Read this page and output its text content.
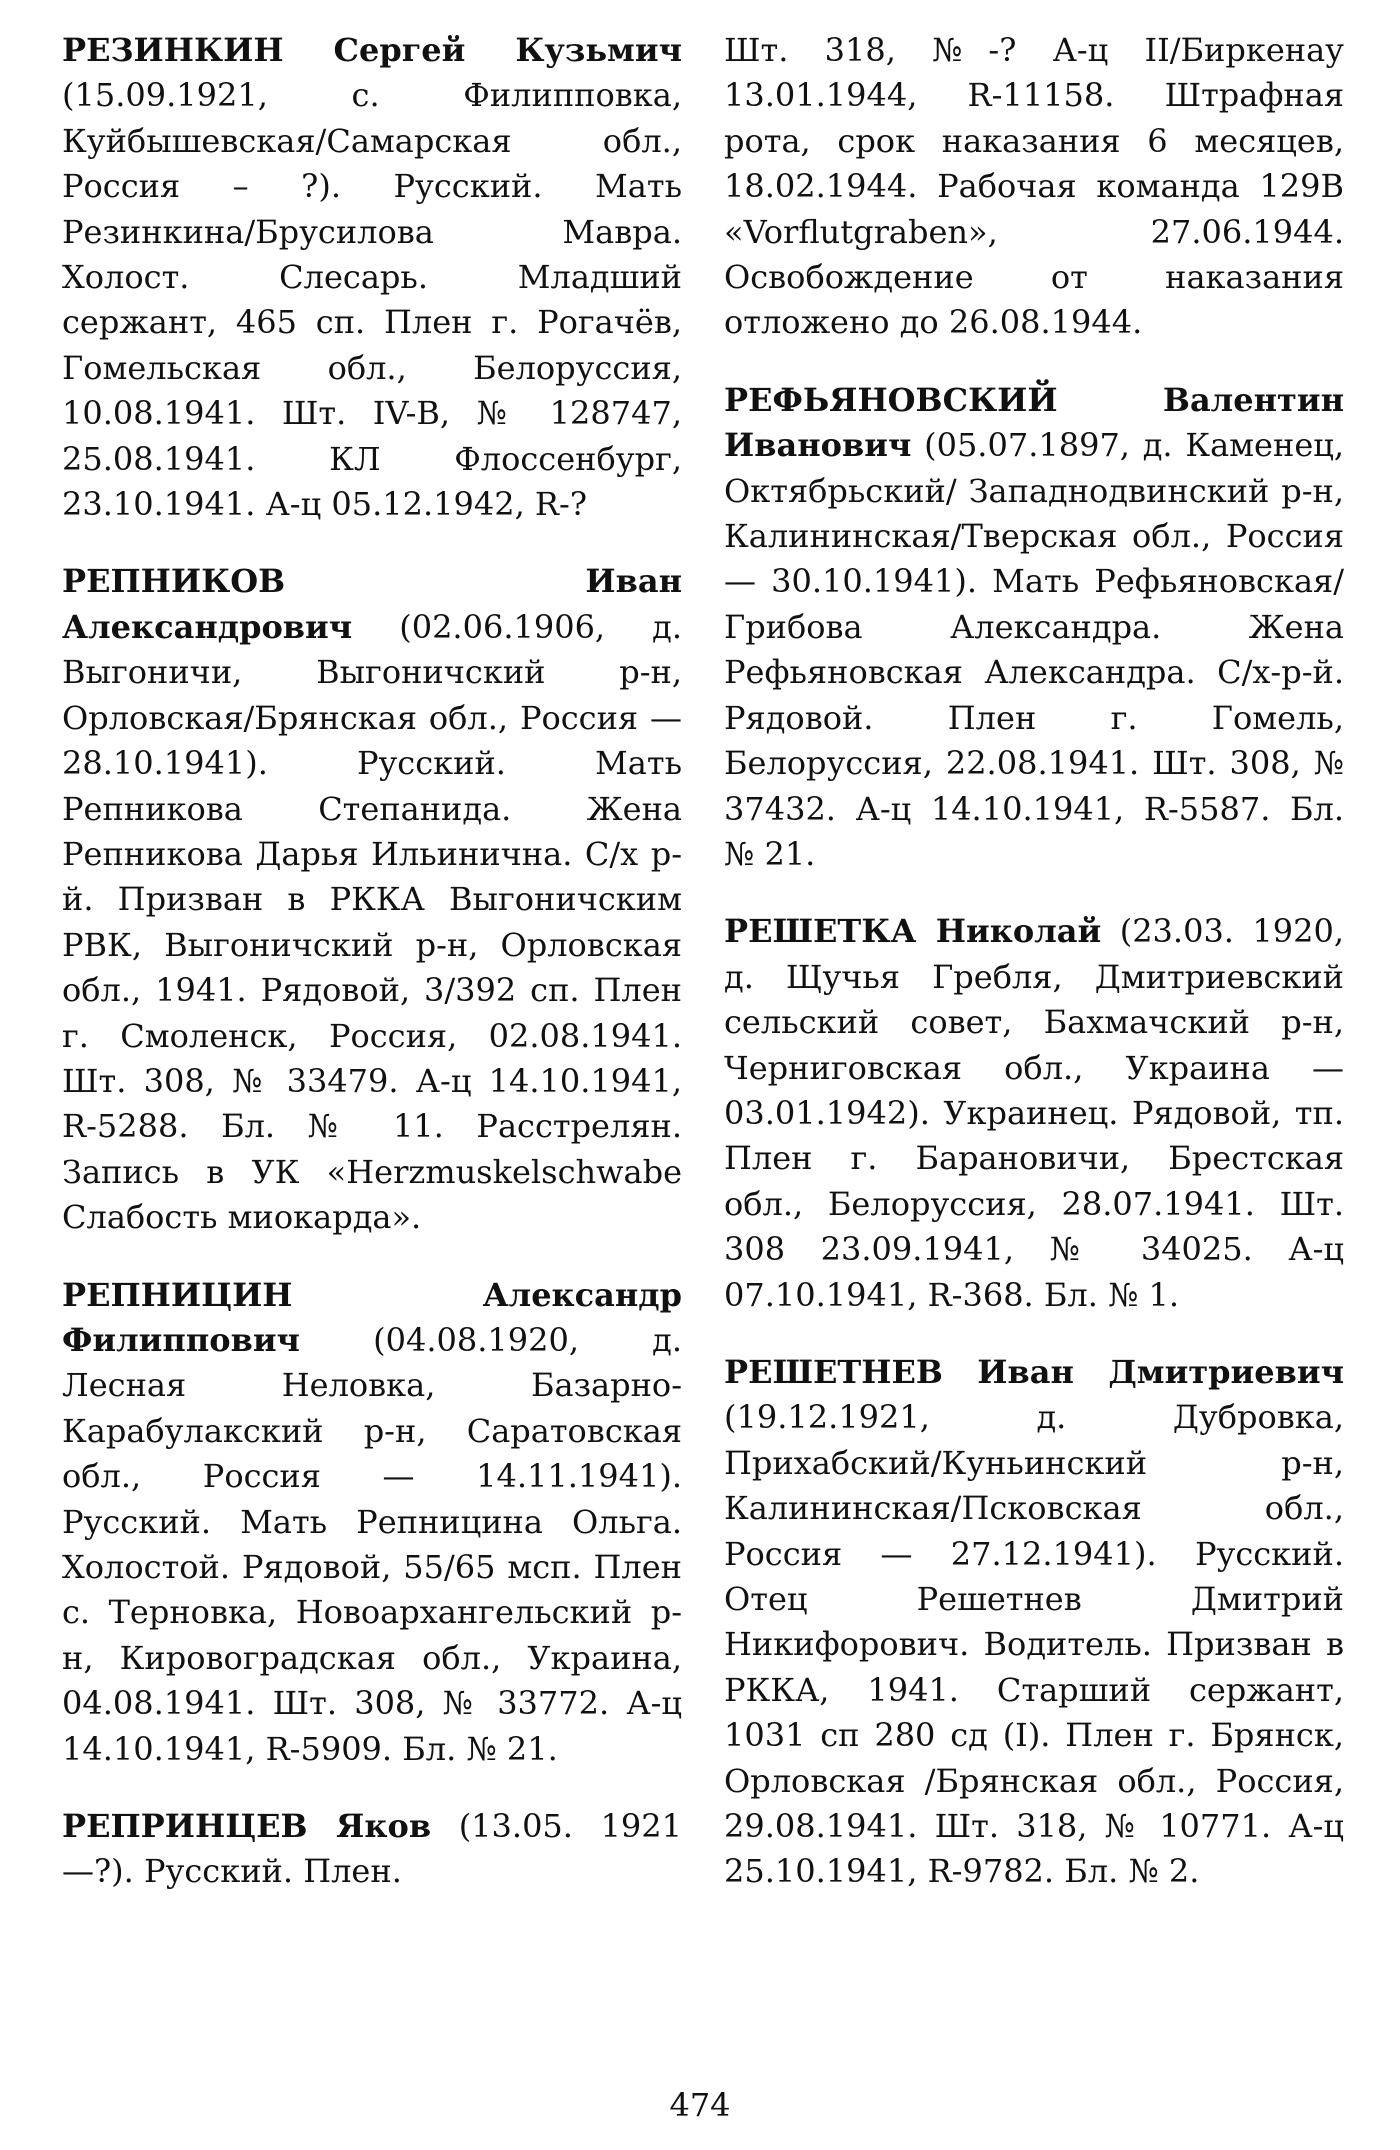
РЕЗИНКИН Сергей Кузьмич (15.09.1921, с. Филипповка, Куйбышевская/Самарская обл., Россия – ?). Русский. Мать Резинкина/Брусилова Мавра. Холост. Слесарь. Младший сержант, 465 сп. Плен г. Рогачёв, Гомельская обл., Белоруссия, 10.08.1941. Шт. IV-B, № 128747, 25.08.1941. КЛ Флоссенбург, 23.10.1941. А-ц 05.12.1942, R-?

РЕПНИКОВ Иван Александрович (02.06.1906, д. Выгоничи, Выгоничский р-н, Орловская/Брянская обл., Россия — 28.10.1941). Русский. Мать Репникова Степанида. Жена Репникова Дарья Ильинична. С/х р-й. Призван в РККА Выгоничским РВК, Выгоничский р-н, Орловская обл., 1941. Рядовой, 3/392 сп. Плен г. Смоленск, Россия, 02.08.1941. Шт. 308, № 33479. А-ц 14.10.1941, R-5288. Бл. № 11. Расстрелян. Запись в УК «Herzmuskelschwabe Слабость миокарда».

РЕПНИЦИН Александр Филиппович (04.08.1920, д. Лесная Неловка, Базарно-Карабулакский р-н, Саратовская обл., Россия — 14.11.1941). Русский. Мать Репницина Ольга. Холостой. Рядовой, 55/65 мсп. Плен с. Терновка, Новоархангельский р-н, Кировоградская обл., Украина, 04.08.1941. Шт. 308, № 33772. А-ц 14.10.1941, R-5909. Бл. № 21.

РЕПРИНЦЕВ Яков (13.05. 1921—?). Русский. Плен.

Шт. 318, №-? А-ц II/Биркенау 13.01.1944, R-11158. Штрафная рота, срок наказания 6 месяцев, 18.02.1944. Рабочая команда 129B «Vorflutgraben», 27.06.1944. Освобождение от наказания отложено до 26.08.1944.

РЕФЬЯНОВСКИЙ Валентин Иванович (05.07.1897, д. Каменец, Октябрьский/ Западнодвинский р-н, Калининская/Тверская обл., Россия — 30.10.1941). Мать Рефьяновская/Грибова Александра. Жена Рефьяновская Александра. С/х-р-й. Рядовой. Плен г. Гомель, Белоруссия, 22.08.1941. Шт. 308, № 37432. А-ц 14.10.1941, R-5587. Бл. № 21.

РЕШЕТКА Николай (23.03. 1920, д. Щучья Гребля, Дмитриевский сельский совет, Бахмачский р-н, Черниговская обл., Украина — 03.01.1942). Украинец. Рядовой, тп. Плен г. Барановичи, Брестская обл., Белоруссия, 28.07.1941. Шт. 308 23.09.1941, № 34025. А-ц 07.10.1941, R-368. Бл. № 1.

РЕШЕТНЕВ Иван Дмитриевич (19.12.1921, д. Дубровка, Прихабский/Куньинский р-н, Калининская/Псковская обл., Россия — 27.12.1941). Русский. Отец Решетнев Дмитрий Никифорович. Водитель. Призван в РККА, 1941. Старший сержант, 1031 сп 280 сд (I). Плен г. Брянск, Орловская /Брянская обл., Россия, 29.08.1941. Шт. 318, № 10771. А-ц 25.10.1941, R-9782. Бл. № 2.

474
